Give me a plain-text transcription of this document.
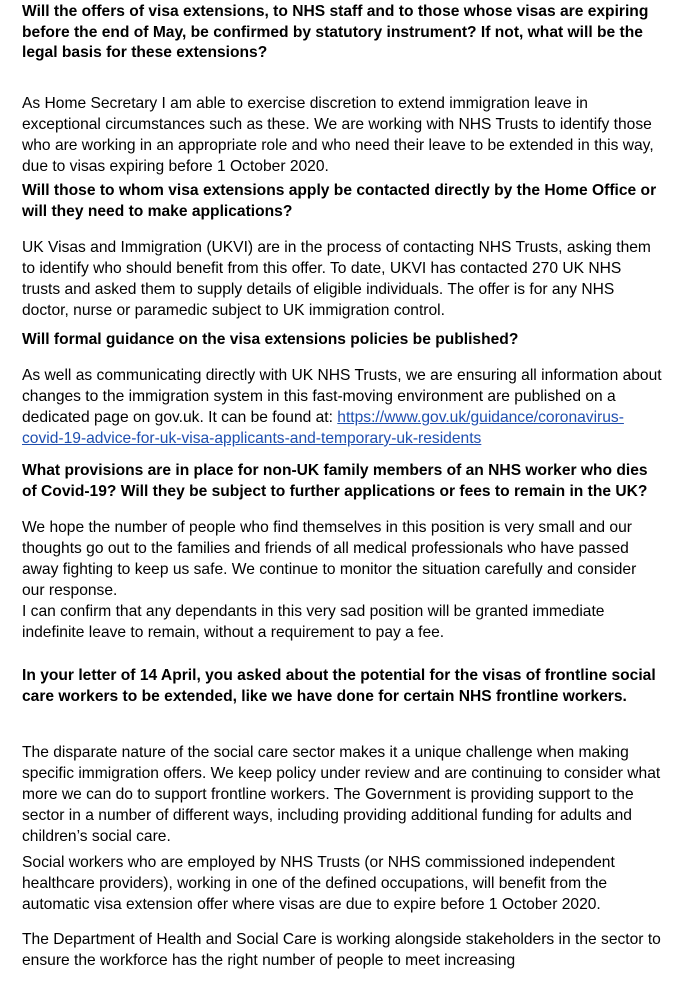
Will the offers of visa extensions, to NHS staff and to those whose visas are expiring before the end of May, be confirmed by statutory instrument? If not, what will be the legal basis for these extensions?

As Home Secretary I am able to exercise discretion to extend immigration leave in exceptional circumstances such as these. We are working with NHS Trusts to identify those who are working in an appropriate role and who need their leave to be extended in this way, due to visas expiring before 1 October 2020.

Will those to whom visa extensions apply be contacted directly by the Home Office or will they need to make applications?

UK Visas and Immigration (UKVI) are in the process of contacting NHS Trusts, asking them to identify who should benefit from this offer. To date, UKVI has contacted 270 UK NHS trusts and asked them to supply details of eligible individuals. The offer is for any NHS doctor, nurse or paramedic subject to UK immigration control.

Will formal guidance on the visa extensions policies be published?

As well as communicating directly with UK NHS Trusts, we are ensuring all information about changes to the immigration system in this fast-moving environment are published on a dedicated page on gov.uk. It can be found at: https://www.gov.uk/guidance/coronavirus-covid-19-advice-for-uk-visa-applicants-and-temporary-uk-residents

What provisions are in place for non-UK family members of an NHS worker who dies of Covid-19? Will they be subject to further applications or fees to remain in the UK?

We hope the number of people who find themselves in this position is very small and our thoughts go out to the families and friends of all medical professionals who have passed away fighting to keep us safe. We continue to monitor the situation carefully and consider our response.

I can confirm that any dependants in this very sad position will be granted immediate indefinite leave to remain, without a requirement to pay a fee.

In your letter of 14 April, you asked about the potential for the visas of frontline social care workers to be extended, like we have done for certain NHS frontline workers.

The disparate nature of the social care sector makes it a unique challenge when making specific immigration offers. We keep policy under review and are continuing to consider what more we can do to support frontline workers. The Government is providing support to the sector in a number of different ways, including providing additional funding for adults and children’s social care.

Social workers who are employed by NHS Trusts (or NHS commissioned independent healthcare providers), working in one of the defined occupations, will benefit from the automatic visa extension offer where visas are due to expire before 1 October 2020.

The Department of Health and Social Care is working alongside stakeholders in the sector to ensure the workforce has the right number of people to meet increasing
